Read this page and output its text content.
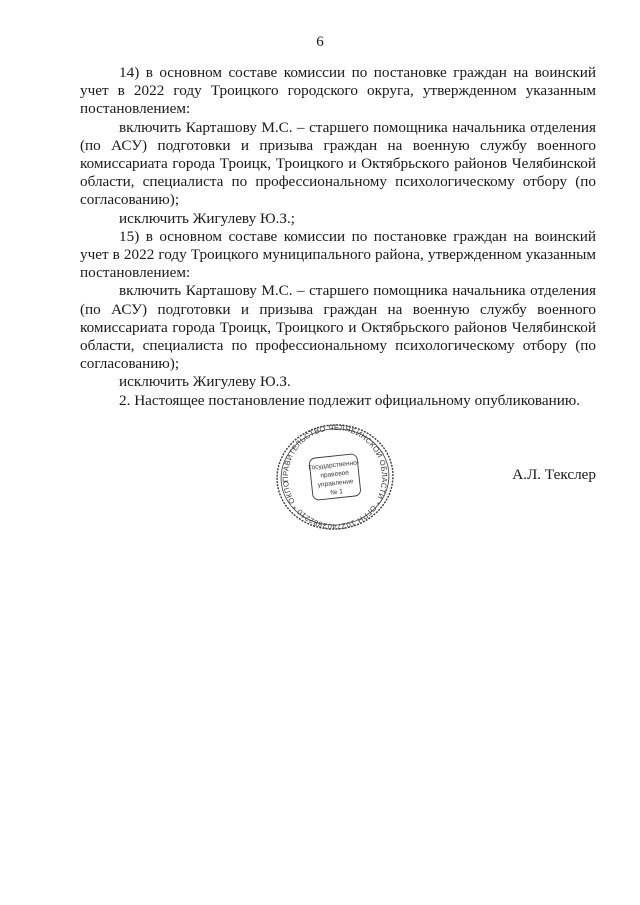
6

14) в основном составе комиссии по постановке граждан на воинский учет в 2022 году Троицкого городского округа, утвержденном указанным постановлением:

включить Карташову М.С. – старшего помощника начальника отделения (по АСУ) подготовки и призыва граждан на военную службу военного комиссариата города Троицк, Троицкого и Октябрьского районов Челябинской области, специалиста по профессиональному психологическому отбору (по согласованию);

исключить Жигулеву Ю.З.;

15) в основном составе комиссии по постановке граждан на воинский учет в 2022 году Троицкого муниципального района, утвержденном указанным постановлением:

включить Карташову М.С. – старшего помощника начальника отделения (по АСУ) подготовки и призыва граждан на военную службу военного комиссариата города Троицк, Троицкого и Октябрьского районов Челябинской области, специалиста по профессиональному психологическому отбору (по согласованию);

исключить Жигулеву Ю.З.

2. Настоящее постановление подлежит официальному опубликованию.

ПРАВИТЕЛЬСТВО ЧЕЛЯБИНСКОЙ ОБЛАСТИ * ОГРН 1027403882210 * ОКПО
Государственно-
правовое
управление
№ 1
А.Л. Текслер
